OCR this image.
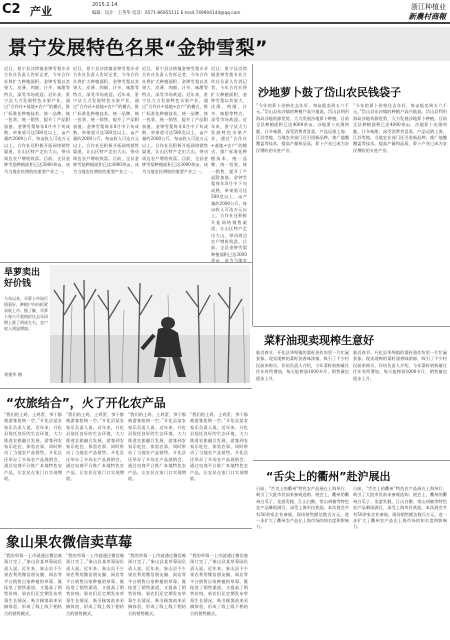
C2 产业	2015.2.14
编辑：设计：王英华 电话：0571-86955111 E-mail:749904144@qq.com
浙江种植业
新農村商報
景宁发展特色名果“金钟雪梨”
近日，景宁县沙湾镇金钟雪梨专业合作社负责人告诉记者，今年合作社将扩大种植面积，金钟雪梨以其果大、皮薄、肉细、汁多、味甜等特点，深受市场欢迎。近年来，景宁县大力发展特色水果产业，通过“合作社+基地+农户”的模式，推广标准化种植技术，统一品牌、统一包装、统一销售，提升了产品附加值。金钟雪梨每年8月中下旬成熟，单果重可达500克以上，亩产量约2000公斤，每亩收入可达万元以上。合作社还积极开拓网络销售渠道，让山区特产走出大山，带动周边农户增收致富。目前，全县金钟雪梨种植面积已达3000余亩，成为当地农民增收的重要产业之一。
近日，景宁县沙湾镇金钟雪梨专业合作社负责人告诉记者，今年合作社将扩大种植面积，金钟雪梨以其果大、皮薄、肉细、汁多、味甜等特点，深受市场欢迎。近年来，景宁县大力发展特色水果产业，通过“合作社+基地+农户”的模式，推广标准化种植技术，统一品牌、统一包装、统一销售，提升了产品附加值。金钟雪梨每年8月中下旬成熟，单果重可达500克以上，亩产量约2000公斤，每亩收入可达万元以上。合作社还积极开拓网络销售渠道，让山区特产走出大山，带动周边农户增收致富。目前，全县金钟雪梨种植面积已达3000余亩，成为当地农民增收的重要产业之一。
近日，景宁县沙湾镇金钟雪梨专业合作社负责人告诉记者，今年合作社将扩大种植面积，金钟雪梨以其果大、皮薄、肉细、汁多、味甜等特点，深受市场欢迎。近年来，景宁县大力发展特色水果产业，通过“合作社+基地+农户”的模式，推广标准化种植技术，统一品牌、统一包装、统一销售，提升了产品附加值。金钟雪梨每年8月中下旬成熟，单果重可达500克以上，亩产量约2000公斤，每亩收入可达万元以上。合作社还积极开拓网络销售渠道，让山区特产走出大山，带动周边农户增收致富。目前，全县金钟雪梨种植面积已达3000余亩，成为当地农民增收的重要产业之一。
近日，景宁县沙湾镇金钟雪梨专业合作社负责人告诉记者，今年合作社将扩大种植面积，金钟雪梨以其果大、皮薄、肉细、汁多、味甜等特点，深受市场欢迎。近年来，景宁县大力发展特色水果产业，通过“合作社+基地+农户”的模式，推广标准化种植技术，统一品牌、统一包装、统一销售，提升了产品附加值。金钟雪梨每年8月中下旬成熟，单果重可达500克以上，亩产量约2000公斤，每亩收入可达万元以上。合作社还积极开拓网络销售渠道，让山区特产走出大山，带动周边农户增收致富。目前，全县金钟雪梨种植面积已达3000余亩，成为当地农
沙地萝卜鼓了岱山农民钱袋子
“今年的萝卜价格比去年好，每亩能卖到五六千元。”岱山县东沙镇的种植户高兴地说。岱山县利用海岛沙地资源优势，大力发展沙地萝卜种植，目前全县种植面积已达4000余亩。沙地萝卜皮薄肉脆、汁多味甜，深受消费者喜爱，产品远销上海、江苏等地。当地农业部门还引进新品种，推广地膜覆盖等技术，提高产量和品质，萝卜产业已成为农民增收的支柱产业。
“今年的萝卜价格比去年好，每亩能卖到五六千元。”岱山县东沙镇的种植户高兴地说。岱山县利用海岛沙地资源优势，大力发展沙地萝卜种植，目前全县种植面积已达4000余亩。沙地萝卜皮薄肉脆、汁多味甜，深受消费者喜爱，产品远销上海、江苏等地。当地农业部门还引进新品种，推广地膜覆盖等技术，提高产量和品质，萝卜产业已成为农民增收的支柱产业。
旱萝卖出好价钱
今年以来，旱萝卜市场行情看好，种植户纷纷抓紧采收上市。据了解，旱萝卜每公斤收购价比去年同期上涨了两成左右，农户收入明显增加。
刘建华 摄
菜籽油现卖现榨生意好
临近春节，开化县华埠镇的菜籽油作坊里一片忙碌景象。现卖现榨的菜籽油香味浓郁，吸引了不少村民前来购买。作坊负责人介绍，今年菜籽收购量比往年有所增加，每天能榨油1000多斤，销售量也稳步上升。
临近春节，开化县华埠镇的菜籽油作坊里一片忙碌景象。现卖现榨的菜籽油香味浓郁，吸引了不少村民前来购买。作坊负责人介绍，今年菜籽收购量比往年有所增加，每天能榨油1000多斤，销售量也稳步上升。
“农旅结合”，火了开化农产品
“我们的土鸡、土鸡蛋、笋干都被游客抢购一空。”开化县某农家乐负责人说。近年来，开化县依托良好的生态环境，大力推进农旅融合发展，游客到农家乐吃住、体验农事，同时带动了当地农产品销售。开化县还举办了多场农产品展销会，通过电商平台推广本地特色农产品，让农民在家门口实现增收。
“我们的土鸡、土鸡蛋、笋干都被游客抢购一空。”开化县某农家乐负责人说。近年来，开化县依托良好的生态环境，大力推进农旅融合发展，游客到农家乐吃住、体验农事，同时带动了当地农产品销售。开化县还举办了多场农产品展销会，通过电商平台推广本地特色农产品，让农民在家门口实现增收。
“我们的土鸡、土鸡蛋、笋干都被游客抢购一空。”开化县某农家乐负责人说。近年来，开化县依托良好的生态环境，大力推进农旅融合发展，游客到农家乐吃住、体验农事，同时带动了当地农产品销售。开化县还举办了多场农产品展销会，通过电商平台推广本地特色农产品，让农民在家门口实现增收。
“我们的土鸡、土鸡蛋、笋干都被游客抢购一空。”开化县某农家乐负责人说。近年来，开化县依托良好的生态环境，大力推进农旅融合发展，游客到农家乐吃住、体验农事，同时带动了当地农产品销售。开化县还举办了多场农产品展销会，通过电商平台推广本地特色农产品，让农民在家门口实现增收。	“舌尖上的衢州”赴沪展出
日前，“舌尖上的衢州”特色农产品展在上海举行，吸引了大批市民前来参观选购。展会上，衢州的衢州白瓜子、龙游发糕、江山白鹅、常山胡柚等特色农产品琳琅满目，深受上海市民欢迎。本次展会共有50余家企业参展，现场销售额达数百万元，进一步扩大了衢州农产品在上海市场的知名度和影响力。
日前，“舌尖上的衢州”特色农产品展在上海举行，吸引了大批市民前来参观选购。展会上，衢州的衢州白瓜子、龙游发糕、江山白鹅、常山胡柚等特色农产品琳琅满目，深受上海市民欢迎。本次展会共有50余家企业参展，现场销售额达数百万元，进一步扩大了衢州农产品在上海市场的知名度和影响力。
象山果农微信卖草莓
“我的草莓一上市就通过微信被预订完了。”象山县某草莓园负责人说。近年来，象山县不少果农利用微信朋友圈、网店等平台销售自家种植的草莓，既拓宽了销售渠道，又提高了销售价格。果农们还定期发布草莓生长情况，吸引顾客前来采摘体验，形成了线上线下相结合的销售模式。
“我的草莓一上市就通过微信被预订完了。”象山县某草莓园负责人说。近年来，象山县不少果农利用微信朋友圈、网店等平台销售自家种植的草莓，既拓宽了销售渠道，又提高了销售价格。果农们还定期发布草莓生长情况，吸引顾客前来采摘体验，形成了线上线下相结合的销售模式。
“我的草莓一上市就通过微信被预订完了。”象山县某草莓园负责人说。近年来，象山县不少果农利用微信朋友圈、网店等平台销售自家种植的草莓，既拓宽了销售渠道，又提高了销售价格。果农们还定期发布草莓生长情况，吸引顾客前来采摘体验，形成了线上线下相结合的销售模式。
“我的草莓一上市就通过微信被预订完了。”象山县某草莓园负责人说。近年来，象山县不少果农利用微信朋友圈、网店等平台销售自家种植的草莓，既拓宽了销售渠道，又提高了销售价格。果农们还定期发布草莓生长情况，吸引顾客前来采摘体验，形成了线上线下相结合的销售模式。
